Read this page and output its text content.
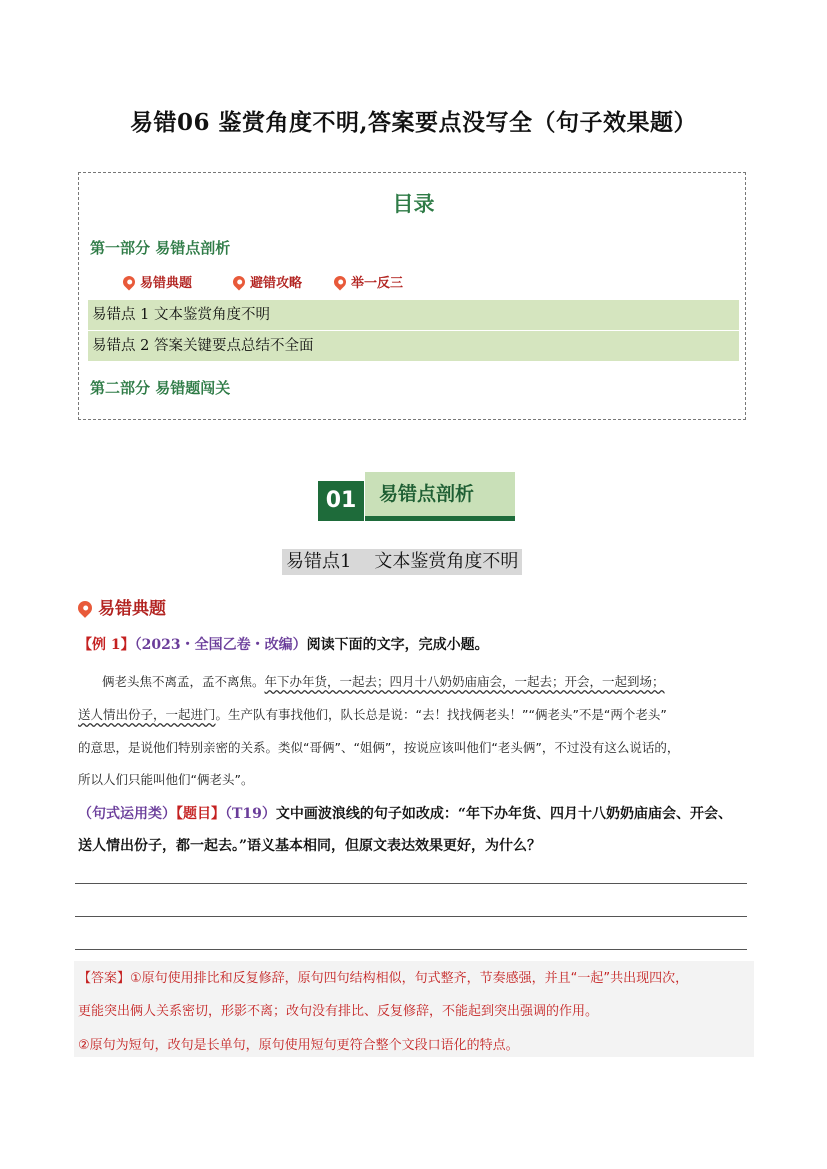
易错06 鉴赏角度不明,答案要点没写全（句子效果题）
目录
第一部分 易错点剖析
易错典题	避错攻略	举一反三
易错点 1 文本鉴赏角度不明
易错点 2 答案关键要点总结不全面
第二部分 易错题闯关
易错点剖析
01
易错点1    文本鉴赏角度不明
易错典题
【例 1】（2023・全国乙卷・改编）阅读下面的文字，完成小题。
俩老头焦不离孟，孟不离焦。年下办年货，一起去；四月十八奶奶庙庙会，一起去；开会，一起到场；
送人情出份子，一起进门。生产队有事找他们，队长总是说：“去！找找俩老头！”“俩老头”不是“两个老头”
的意思，是说他们特别亲密的关系。类似“哥俩”、“姐俩”，按说应该叫他们“老头俩”，不过没有这么说话的，
所以人们只能叫他们“俩老头”。
（句式运用类）【题目】（T19）文中画波浪线的句子如改成：“年下办年货、四月十八奶奶庙庙会、开会、
送人情出份子，都一起去。”语义基本相同，但原文表达效果更好，为什么？
【答案】①原句使用排比和反复修辞，原句四句结构相似，句式整齐，节奏感强，并且“一起”共出现四次，
更能突出俩人关系密切，形影不离；改句没有排比、反复修辞，不能起到突出强调的作用。
②原句为短句，改句是长单句，原句使用短句更符合整个文段口语化的特点。
